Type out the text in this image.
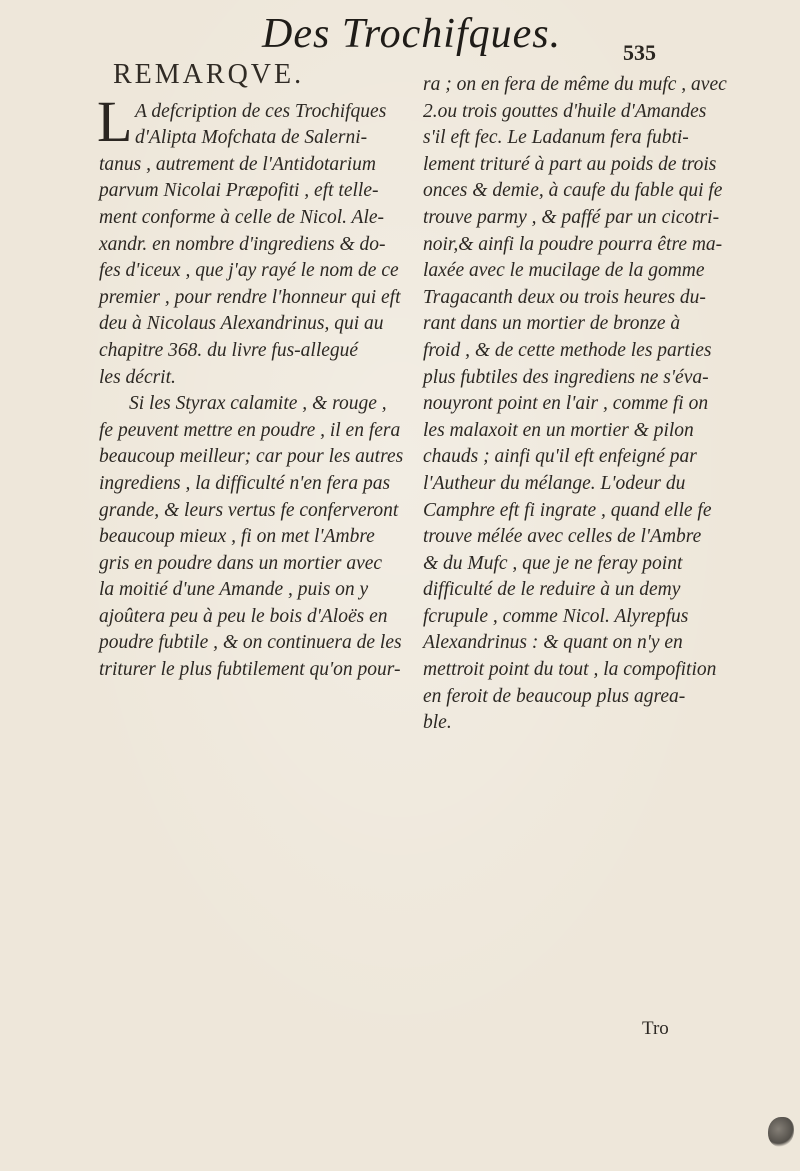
Des Trochifques.	535
REMARQVE.
L A defcription de ces Trochifques
d'Alipta Mofchata de Salerni-
tanus , autrement de l'Antidotarium
parvum Nicolai Præpofiti , eft telle-
ment conforme à celle de Nicol. Ale-
xandr. en nombre d'ingrediens & do-
fes d'iceux , que j'ay rayé le nom de ce
premier , pour rendre l'honneur qui eft
deu à Nicolaus Alexandrinus, qui au
chapitre 368. du livre fus-allegué
les décrit.
Si les Styrax calamite , & rouge ,
fe peuvent mettre en poudre , il en fera
beaucoup meilleur; car pour les autres
ingrediens , la difficulté n'en fera pas
grande, & leurs vertus fe conferveront
beaucoup mieux , fi on met l'Ambre
gris en poudre dans un mortier avec
la moitié d'une Amande , puis on y
ajoûtera peu à peu le bois d'Aloës en
poudre fubtile , & on continuera de les
triturer le plus fubtilement qu'on pour-
ra ; on en fera de même du mufc , avec
2.ou trois gouttes d'huile d'Amandes
s'il eft fec. Le Ladanum fera fubti-
lement trituré à part au poids de trois
onces & demie, à caufe du fable qui fe
trouve parmy , & paffé par un cicotri-
noir,& ainfi la poudre pourra être ma-
laxée avec le mucilage de la gomme
Tragacanth deux ou trois heures du-
rant dans un mortier de bronze à
froid , & de cette methode les parties
plus fubtiles des ingrediens ne s'éva-
nouyront point en l'air , comme fi on
les malaxoit en un mortier & pilon
chauds ; ainfi qu'il eft enfeigné par
l'Autheur du mélange. L'odeur du
Camphre eft fi ingrate , quand elle fe
trouve mélée avec celles de l'Ambre
& du Mufc , que je ne feray point
difficulté de le reduire à un demy
fcrupule , comme Nicol. Alyrepfus
Alexandrinus : & quant on n'y en
mettroit point du tout , la compofition
en feroit de beaucoup plus agrea-
ble.
Tro
